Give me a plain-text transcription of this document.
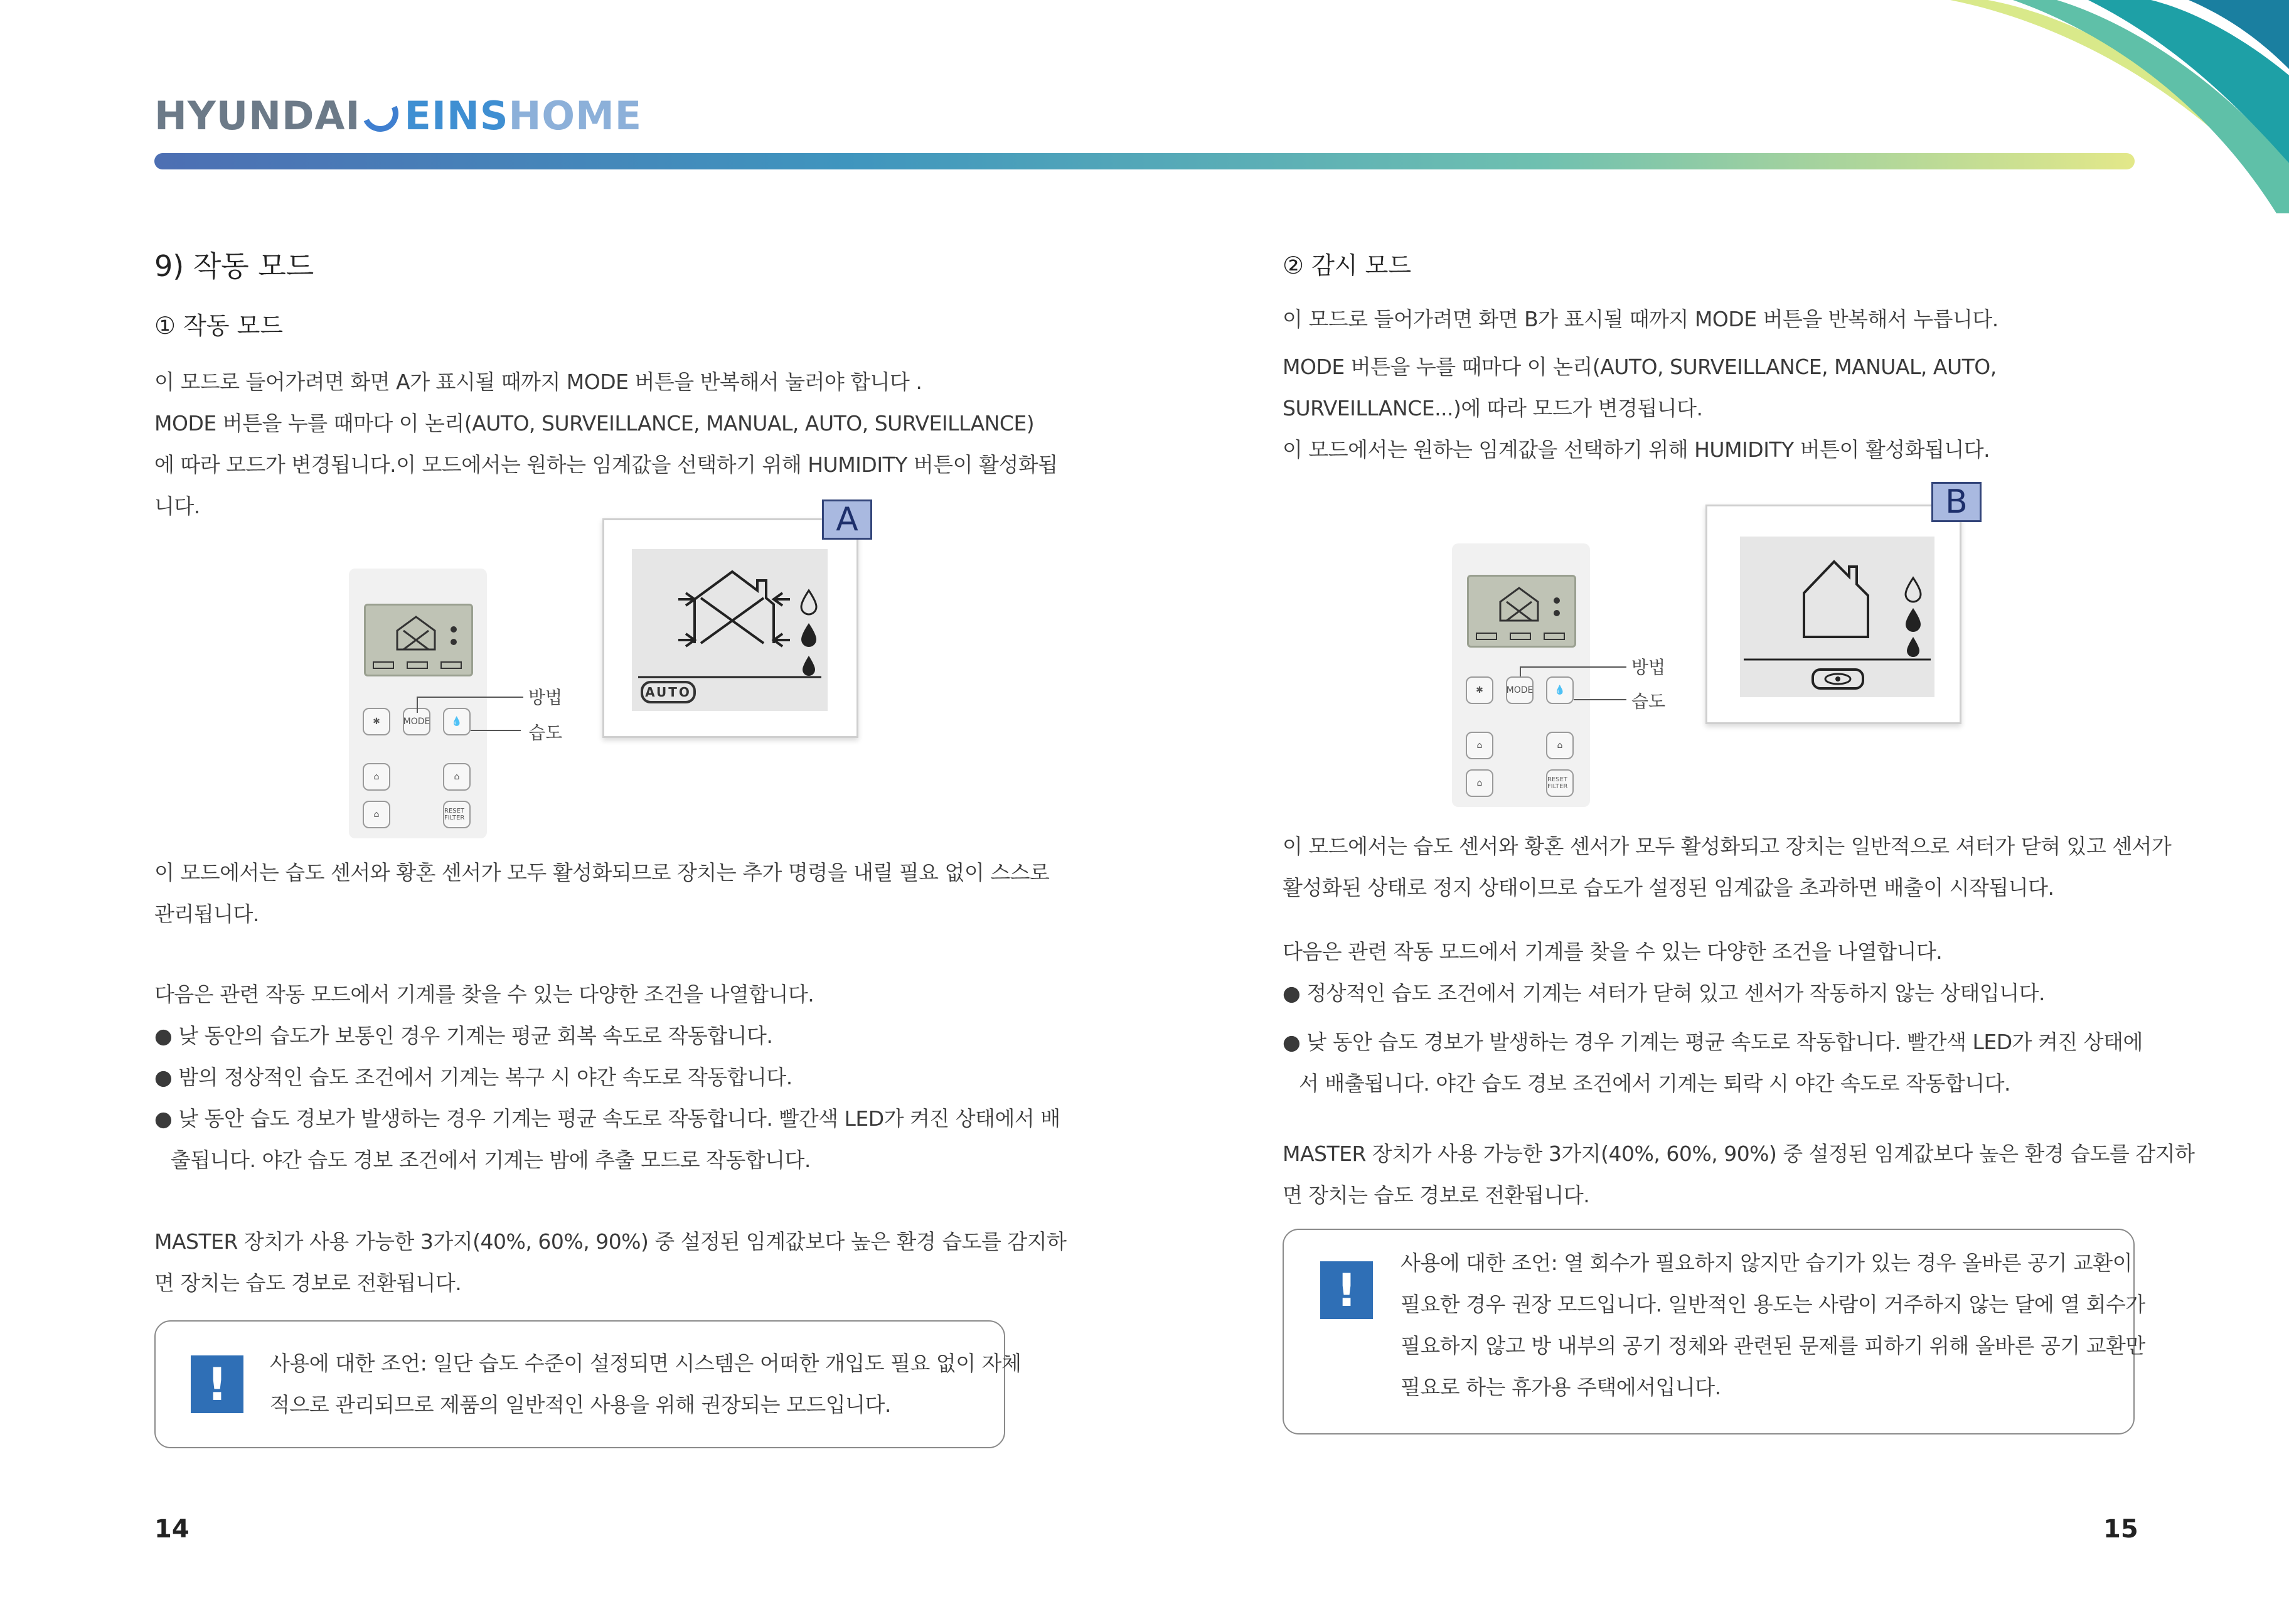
HYUNDAI EINSHOME
9) 작동 모드
① 작동 모드
이 모드로 들어가려면 화면 A가 표시될 때까지 MODE 버튼을 반복해서 눌러야 합니다 .
MODE 버튼을 누를 때마다 이 논리(AUTO, SURVEILLANCE, MANUAL, AUTO, SURVEILLANCE)
에 따라 모드가 변경됩니다.이 모드에서는 원하는 임계값을 선택하기 위해 HUMIDITY 버튼이 활성화됩
니다.
✱	MODE	💧
⌂	⌂
⌂	RESET FILTER
방법
습도
AUTO
A
이 모드에서는 습도 센서와 황혼 센서가 모두 활성화되므로 장치는 추가 명령을 내릴 필요 없이 스스로
관리됩니다.
다음은 관련 작동 모드에서 기계를 찾을 수 있는 다양한 조건을 나열합니다.
● 낮 동안의 습도가 보통인 경우 기계는 평균 회복 속도로 작동합니다.
● 밤의 정상적인 습도 조건에서 기계는 복구 시 야간 속도로 작동합니다.
● 낮 동안 습도 경보가 발생하는 경우 기계는 평균 속도로 작동합니다. 빨간색 LED가 켜진 상태에서 배
출됩니다. 야간 습도 경보 조건에서 기계는 밤에 추출 모드로 작동합니다.
MASTER 장치가 사용 가능한 3가지(40%, 60%, 90%) 중 설정된 임계값보다 높은 환경 습도를 감지하
면 장치는 습도 경보로 전환됩니다.
!	사용에 대한 조언: 일단 습도 수준이 설정되면 시스템은 어떠한 개입도 필요 없이 자체
적으로 관리되므로 제품의 일반적인 사용을 위해 권장되는 모드입니다.
14
② 감시 모드
이 모드로 들어가려면 화면 B가 표시될 때까지 MODE 버튼을 반복해서 누릅니다.
MODE 버튼을 누를 때마다 이 논리(AUTO, SURVEILLANCE, MANUAL, AUTO,
SURVEILLANCE...)에 따라 모드가 변경됩니다.
이 모드에서는 원하는 임계값을 선택하기 위해 HUMIDITY 버튼이 활성화됩니다.
✱	MODE	💧
⌂	⌂
⌂	RESET FILTER
방법
습도
B
이 모드에서는 습도 센서와 황혼 센서가 모두 활성화되고 장치는 일반적으로 셔터가 닫혀 있고 센서가
활성화된 상태로 정지 상태이므로 습도가 설정된 임계값을 초과하면 배출이 시작됩니다.
다음은 관련 작동 모드에서 기계를 찾을 수 있는 다양한 조건을 나열합니다.
● 정상적인 습도 조건에서 기계는 셔터가 닫혀 있고 센서가 작동하지 않는 상태입니다.
● 낮 동안 습도 경보가 발생하는 경우 기계는 평균 속도로 작동합니다. 빨간색 LED가 켜진 상태에
서 배출됩니다. 야간 습도 경보 조건에서 기계는 퇴락 시 야간 속도로 작동합니다.
MASTER 장치가 사용 가능한 3가지(40%, 60%, 90%) 중 설정된 임계값보다 높은 환경 습도를 감지하
면 장치는 습도 경보로 전환됩니다.
!
사용에 대한 조언: 열 회수가 필요하지 않지만 습기가 있는 경우 올바른 공기 교환이
필요한 경우 권장 모드입니다. 일반적인 용도는 사람이 거주하지 않는 달에 열 회수가
필요하지 않고 방 내부의 공기 정체와 관련된 문제를 피하기 위해 올바른 공기 교환만
필요로 하는 휴가용 주택에서입니다.
15
